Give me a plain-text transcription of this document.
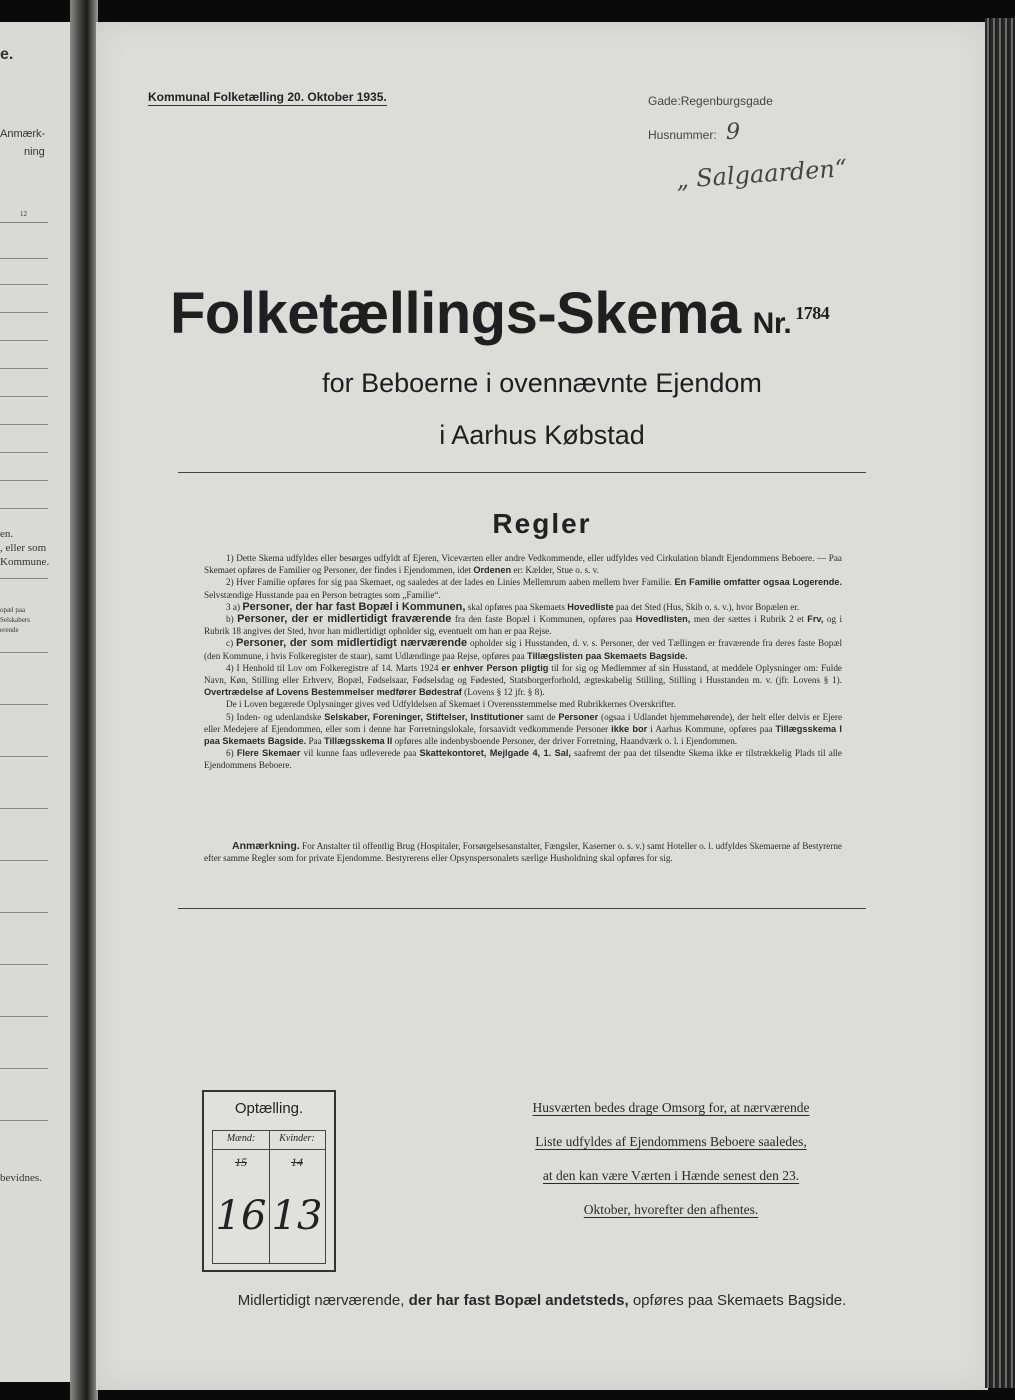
e.
Anmærk-
ning
12
en.
, eller som
Kommune.
opæl paa
Selskabers
erende
bevidnes.
Kommunal Folketælling 20. Oktober 1935.	Gade:Regenburgsgade
Husnummer: 9
„ Salgaarden“
Folketællings-Skema Nr. $^{1784}$
for Beboerne i ovennævnte Ejendom
i Aarhus Købstad
Regler

1) Dette Skema udfyldes eller besørges udfyldt af Ejeren, Viceværten eller andre Vedkommende, eller udfyldes ved Cirkulation blandt Ejendommens Beboere. — Paa Skemaet opføres de Familier og Personer, der findes i Ejendommen, idet Ordenen er: Kælder, Stue o. s. v.

2) Hver Familie opføres for sig paa Skemaet, og saaledes at der lades en Linies Mellemrum aaben mellem hver Familie. En Familie omfatter ogsaa Logerende. Selvstændige Husstande paa en Person betragtes som „Familie“.

3 a) Personer, der har fast Bopæl i Kommunen, skal opføres paa Skemaets Hovedliste paa det Sted (Hus, Skib o. s. v.), hvor Bopælen er.

b) Personer, der er midlertidigt fraværende fra den faste Bopæl i Kommunen, opføres paa Hovedlisten, men der sættes i Rubrik 2 et Frv, og i Rubrik 18 angives det Sted, hvor han midlertidigt opholder sig, eventuelt om han er paa Rejse.

c) Personer, der som midlertidigt nærværende opholder sig i Husstanden, d. v. s. Personer, der ved Tællingen er fraværende fra deres faste Bopæl (den Kommune, i hvis Folkeregister de staar), samt Udlændinge paa Rejse, opføres paa Tillægslisten paa Skemaets Bagside.

4) I Henhold til Lov om Folkeregistre af 14. Marts 1924 er enhver Person pligtig til for sig og Medlemmer af sin Husstand, at meddele Oplysninger om: Fulde Navn, Køn, Stilling eller Erhverv, Bopæl, Fødselsaar, Fødselsdag og Fødested, Statsborgerforhold, ægteskabelig Stilling, Stilling i Husstanden m. v. (jfr. Lovens § 1). Overtrædelse af Lovens Bestemmelser medfører Bødestraf (Lovens § 12 jfr. § 8).

De i Loven begærede Oplysninger gives ved Udfyldelsen af Skemaet i Overensstemmelse med Rubrikkernes Overskrifter.

5) Inden- og udenlandske Selskaber, Foreninger, Stiftelser, Institutioner samt de Personer (ogsaa i Udlandet hjemmehørende), der helt eller delvis er Ejere eller Medejere af Ejendommen, eller som i denne har Forretningslokale, forsaavidt vedkommende Personer ikke bor i Aarhus Kommune, opføres paa Tillægsskema I paa Skemaets Bagside. Paa Tillægsskema II opføres alle indenbysboende Personer, der driver Forretning, Haandværk o. l. i Ejendommen.

6) Flere Skemaer vil kunne faas udleverede paa Skattekontoret, Mejlgade 4, 1. Sal, saafremt der paa det tilsendte Skema ikke er tilstrækkelig Plads til alle Ejendommens Beboere.

Anmærkning. For Anstalter til offentlig Brug (Hospitaler, Forsørgelsesanstalter, Fængsler, Kaserner o. s. v.) samt Hoteller o. l. udfyldes Skemaerne af Bestyrerne efter samme Regler som for private Ejendomme. Bestyrerens eller Opsynspersonalets særlige Husholdning skal opføres for sig.

Optælling.
Mænd:	Kvinder:
15	14
16 13
Husværten bedes drage Omsorg for, at nærværende
Liste udfyldes af Ejendommens Beboere saaledes,
at den kan være Værten i Hænde senest den 23.
Oktober, hvorefter den afhentes.
Midlertidigt nærværende, der har fast Bopæl andetsteds, opføres paa Skemaets Bagside.
